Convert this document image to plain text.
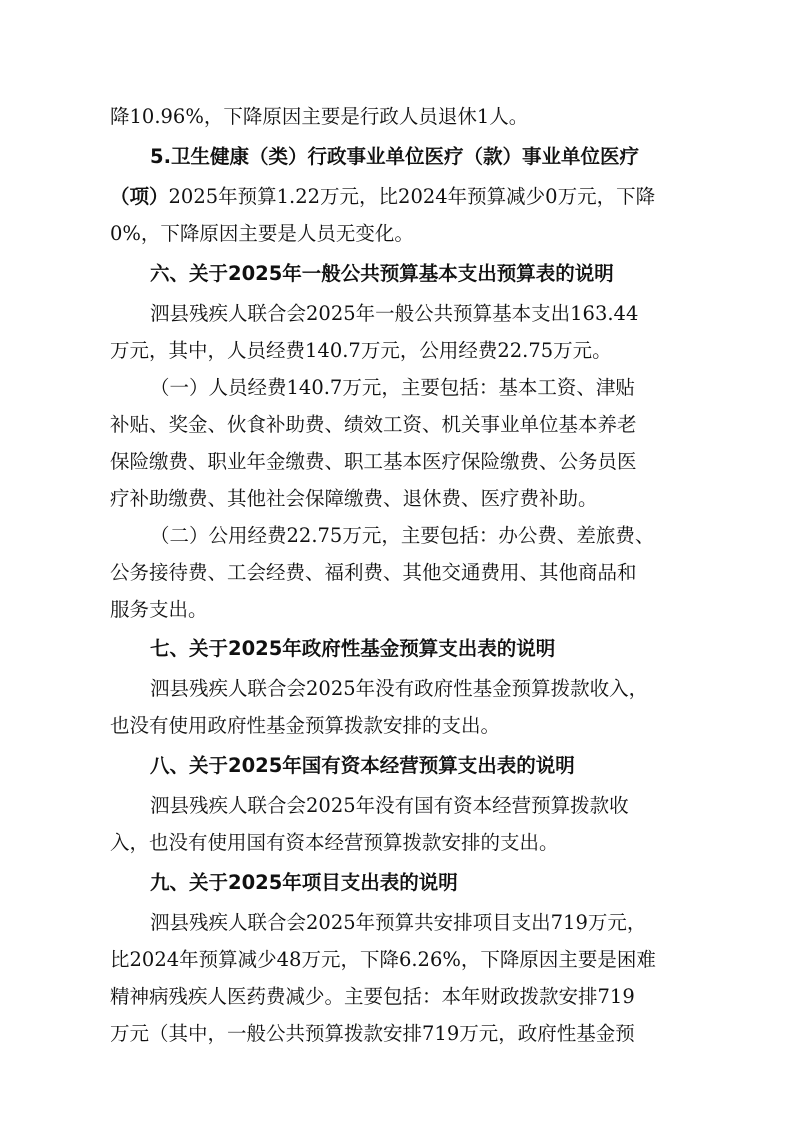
降10.96%，下降原因主要是行政人员退休1人。
5.卫生健康（类）行政事业单位医疗（款）事业单位医疗
（项）2025年预算1.22万元，比2024年预算减少0万元，下降
0%，下降原因主要是人员无变化。
六、关于2025年一般公共预算基本支出预算表的说明
泗县残疾人联合会2025年一般公共预算基本支出163.44
万元，其中，人员经费140.7万元，公用经费22.75万元。
（一）人员经费140.7万元，主要包括：基本工资、津贴
补贴、奖金、伙食补助费、绩效工资、机关事业单位基本养老
保险缴费、职业年金缴费、职工基本医疗保险缴费、公务员医
疗补助缴费、其他社会保障缴费、退休费、医疗费补助。
（二）公用经费22.75万元，主要包括：办公费、差旅费、
公务接待费、工会经费、福利费、其他交通费用、其他商品和
服务支出。
七、关于2025年政府性基金预算支出表的说明
泗县残疾人联合会2025年没有政府性基金预算拨款收入，
也没有使用政府性基金预算拨款安排的支出。
八、关于2025年国有资本经营预算支出表的说明
泗县残疾人联合会2025年没有国有资本经营预算拨款收
入，也没有使用国有资本经营预算拨款安排的支出。
九、关于2025年项目支出表的说明
泗县残疾人联合会2025年预算共安排项目支出719万元，
比2024年预算减少48万元，下降6.26%，下降原因主要是困难
精神病残疾人医药费减少。主要包括：本年财政拨款安排719
万元（其中，一般公共预算拨款安排719万元，政府性基金预
